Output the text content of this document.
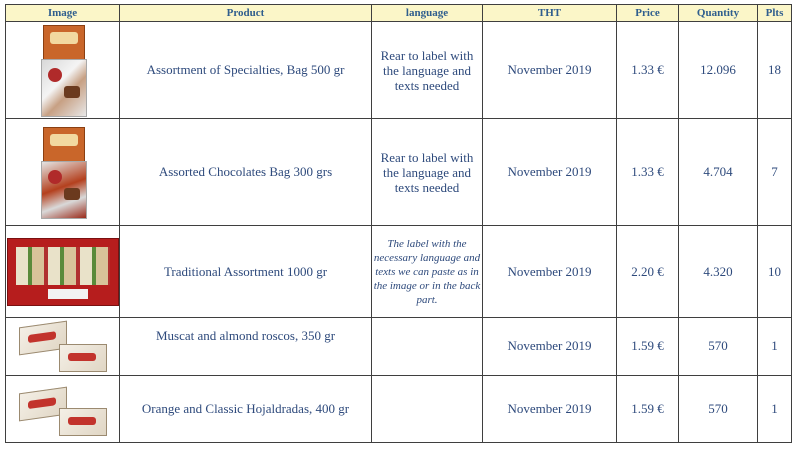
Image	Product	language	THT	Price	Quantity	Plts

	Assortment of Specialties, Bag 500 gr	Rear to label with the language and texts needed	November 2019	1.33 €	12.096	18

	Assorted Chocolates Bag 300 grs	Rear to label with the language and texts needed	November 2019	1.33 €	4.704	7

	Traditional Assortment 1000 gr	The label with the necessary language and texts we can paste as in the image or in the back part.	November 2019	2.20 €	4.320	10

	Muscat and almond roscos, 350 gr		November 2019	1.59 €	570	1

	Orange and Classic Hojaldradas, 400 gr		November 2019	1.59 €	570	1
